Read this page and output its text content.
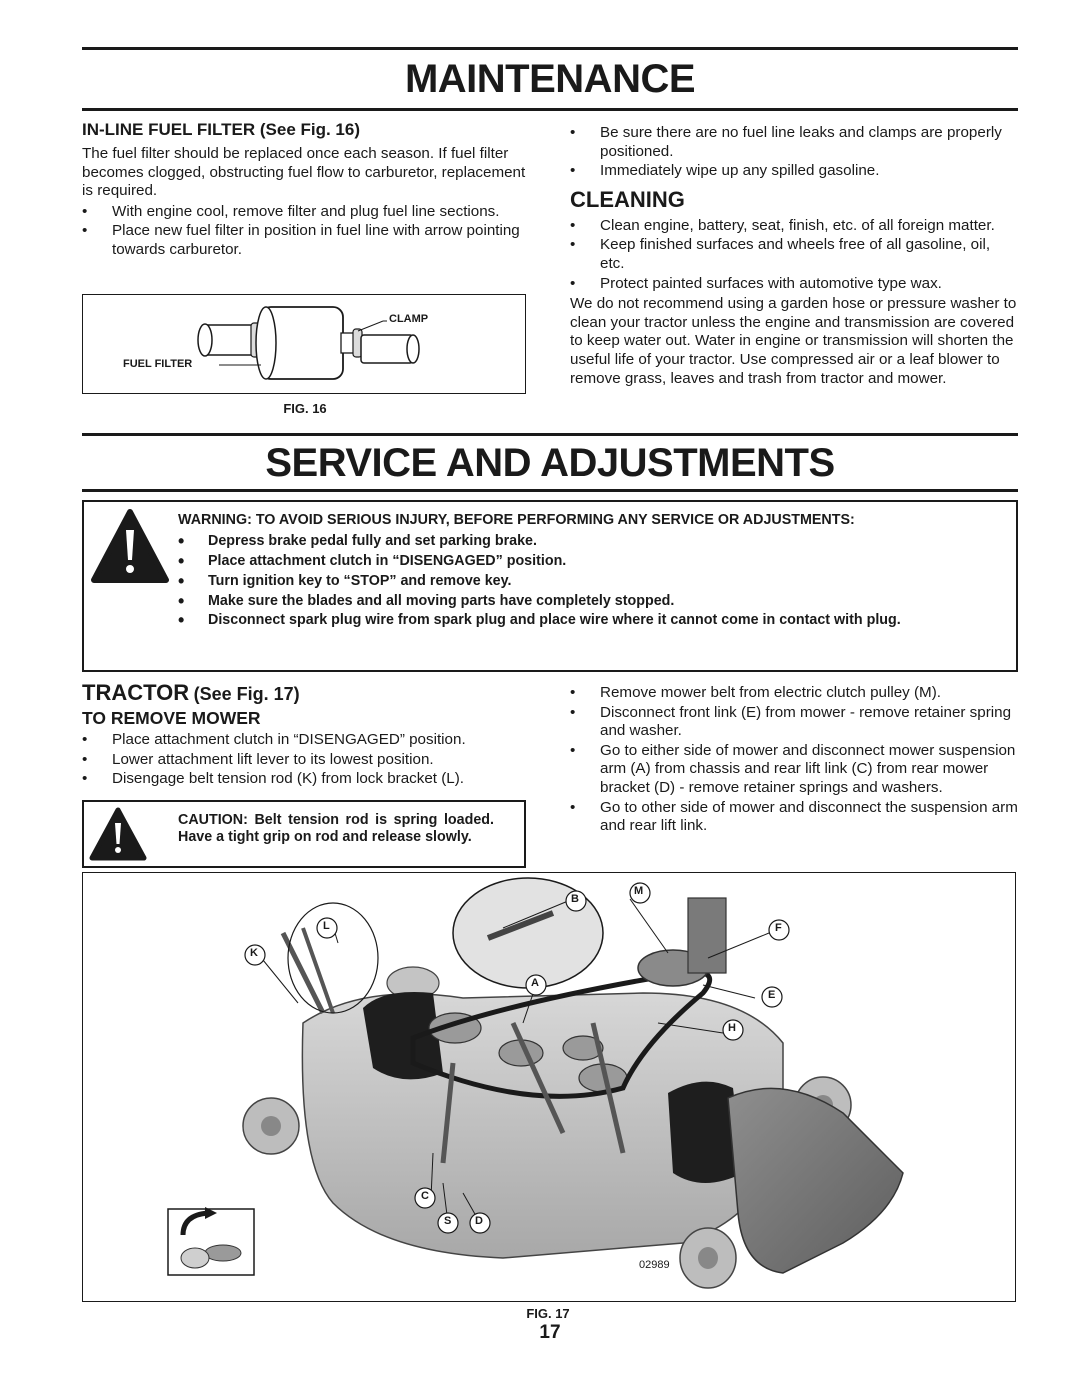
MAINTENANCE
IN-LINE FUEL FILTER (See Fig. 16)

The fuel filter should be replaced once each season. If fuel filter becomes clogged, obstructing fuel flow to carburetor, replacement is required.

• With engine cool, remove filter and plug fuel line sections.
• Place new fuel filter in position in fuel line with arrow pointing towards carburetor.
CLAMP
FUEL FILTER
FIG. 16
• Be sure there are no fuel line leaks and clamps are properly positioned.
• Immediately wipe up any spilled gasoline.
CLEANING
• Clean engine, battery, seat, finish, etc. of all foreign matter.
• Keep finished surfaces and wheels free of all gasoline, oil, etc.
• Protect painted surfaces with automotive type wax.

We do not recommend using a garden hose or pressure washer to clean your tractor unless the engine and transmission are covered to keep water out. Water in engine or transmission will shorten the useful life of your tractor. Use compressed air or a leaf blower to remove grass, leaves and trash from tractor and mower.

SERVICE AND ADJUSTMENTS
WARNING: TO AVOID SERIOUS INJURY, BEFORE PERFORMING ANY SERVICE OR ADJUSTMENTS:
• Depress brake pedal fully and set parking brake.
• Place attachment clutch in “DISENGAGED” position.
• Turn ignition key to “STOP” and remove key.
• Make sure the blades and all moving parts have completely stopped.
• Disconnect spark plug wire from spark plug and place wire where it cannot come in contact with plug.
TRACTOR (See Fig. 17)
TO REMOVE MOWER
• Place attachment clutch in “DISENGAGED” position.
• Lower attachment lift lever to its lowest position.
• Disengage belt tension rod (K) from lock bracket (L).
CAUTION: Belt tension rod is spring loaded. Have a tight grip on rod and release slowly.
• Remove mower belt from electric clutch pulley (M).
• Disconnect front link (E) from mower - remove retainer spring and washer.
• Go to either side of mower and disconnect mower suspension arm (A) from chassis and rear lift link (C) from rear mower bracket (D) - remove retainer springs and washers.
• Go to other side of mower and disconnect the suspension arm and rear lift link.
B
M
L	F
K
A
E
H
C
S D
02989
FIG. 17
17
